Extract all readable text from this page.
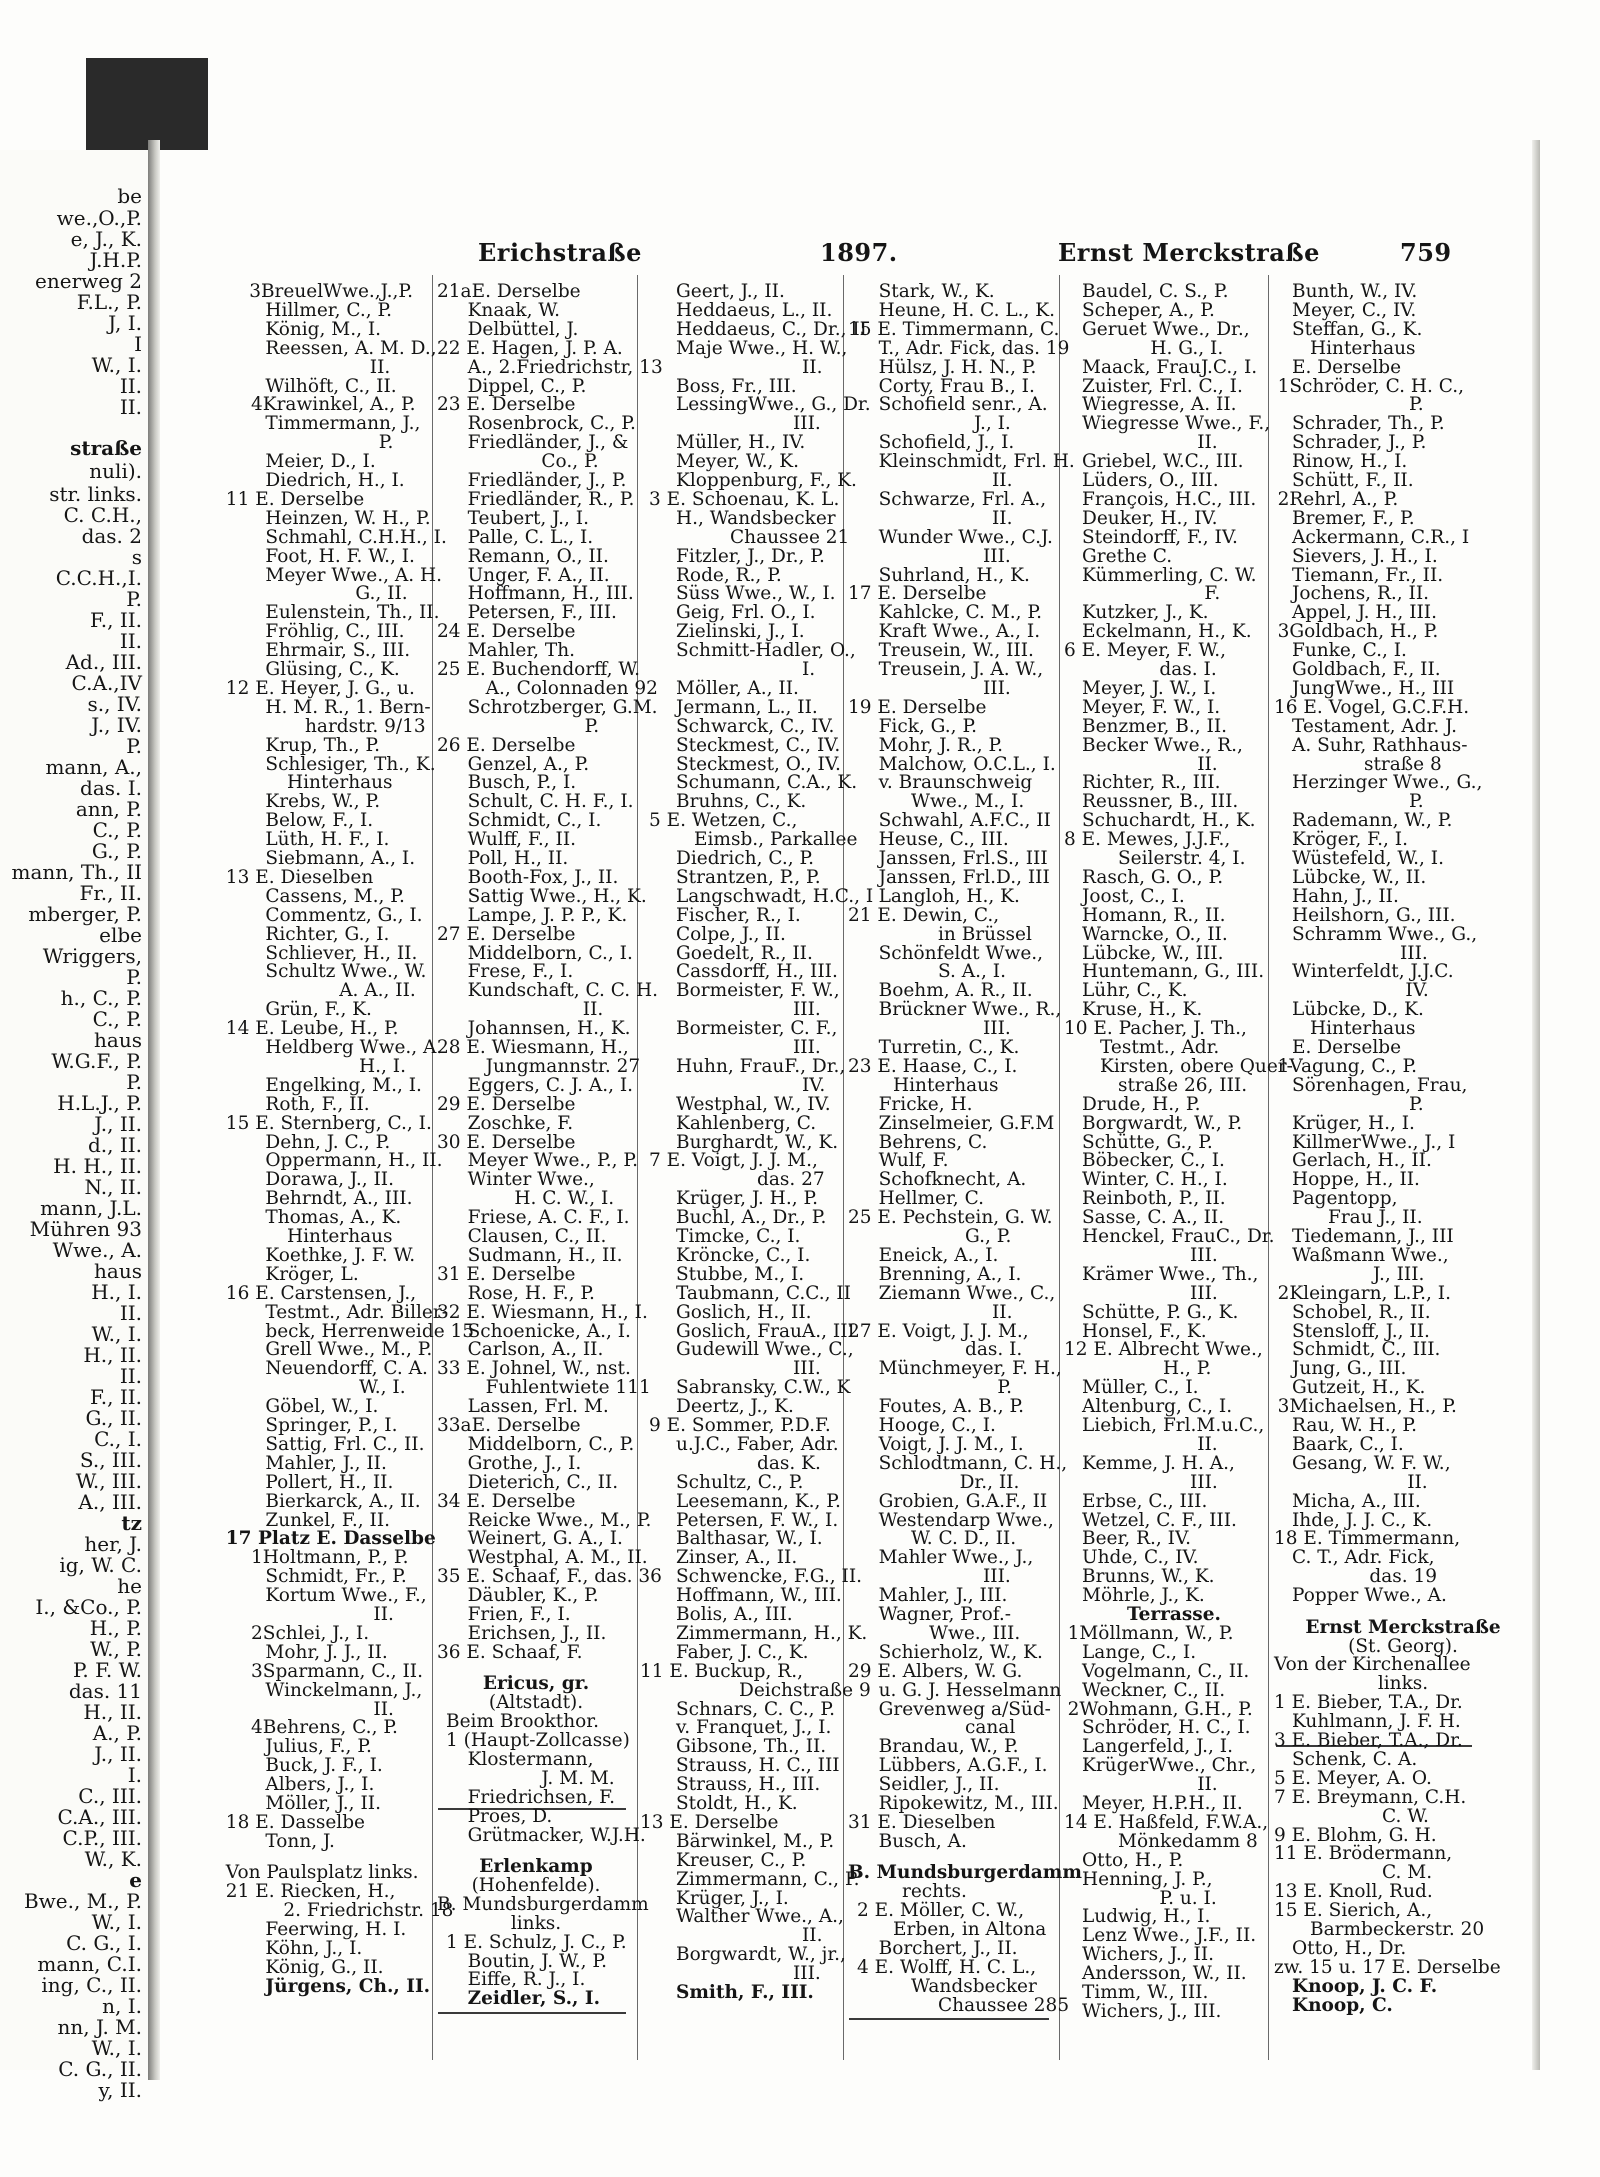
be
we.,O.,P.
e, J., K.
J.H.P.
enerweg 2
F.L., P.
J, I.
I
W., I.
II.
II.
straße
nuli).
str. links.
C. C.H.,
das. 2
s
C.C.H.,I.
P.
F., II.
II.
Ad., III.
C.A.,IV
s., IV.
J., IV.
P.
mann, A.,
das. I.
ann, P.
C., P.
G., P.
mann, Th., II
Fr., II.
mberger, P.
elbe
Wriggers,
P.
h., C., P.
C., P.
haus
W.G.F., P.
P.
H.L.J., P.
J., II.
d., II.
H. H., II.
N., II.
mann, J.L.
Mühren 93
Wwe., A.
haus
H., I.
II.
W., I.
H., II.
II.
F., II.
G., II.
C., I.
S., III.
W., III.
A., III.
tz
her, J.
ig, W. C.
he
I., &Co., P.
H., P.
W., P.
P. F. W.
das. 11
H., II.
A., P.
J., II.
I.
C., III.
C.A., III.
C.P., III.
W., K.
e
Bwe., M., P.
W., I.
C. G., I.
mann, C.I.
ing, C., II.
n, I.
nn, J. M.
W., I.
C. G., II.
y, II.
Erichstraße	1897.	Ernst Merckstraße	759
3BreuelWwe.,J.,P.
Hillmer, C., P.
König, M., I.
Reessen, A. M. D.,
II.
Wilhöft, C., II.
4Krawinkel, A., P.
Timmermann, J.,
P.
Meier, D., I.
Diedrich, H., I.
11 E. Derselbe
Heinzen, W. H., P.
Schmahl, C.H.H., I.
Foot, H. F. W., I.
Meyer Wwe., A. H.
G., II.
Eulenstein, Th., II.
Fröhlig, C., III.
Ehrmair, S., III.
Glüsing, C., K.
12 E. Heyer, J. G., u.
H. M. R., 1. Bern-
hardstr. 9/13
Krup, Th., P.
Schlesiger, Th., K.
Hinterhaus
Krebs, W., P.
Below, F., I.
Lüth, H. F., I.
Siebmann, A., I.
13 E. Dieselben
Cassens, M., P.
Commentz, G., I.
Richter, G., I.
Schliever, H., II.
Schultz Wwe., W.
A. A., II.
Grün, F., K.
14 E. Leube, H., P.
Heldberg Wwe., A.
H., I.
Engelking, M., I.
Roth, F., II.
15 E. Sternberg, C., I.
Dehn, J. C., P.
Oppermann, H., II.
Dorawa, J., II.
Behrndt, A., III.
Thomas, A., K.
Hinterhaus
Koethke, J. F. W.
Kröger, L.
16 E. Carstensen, J.,
Testmt., Adr. Biller-
beck, Herrenweide 15
Grell Wwe., M., P.
Neuendorff, C. A.
W., I.
Göbel, W., I.
Springer, P., I.
Sattig, Frl. C., II.
Mahler, J., II.
Pollert, H., II.
Bierkarck, A., II.
Zunkel, F., II.
17 Platz E. Dasselbe
1Holtmann, P., P.
Schmidt, Fr., P.
Kortum Wwe., F.,
II.
2Schlei, J., I.
Mohr, J. J., II.
3Sparmann, C., II.
Winckelmann, J.,
II.
4Behrens, C., P.
Julius, F., P.
Buck, J. F., I.
Albers, J., I.
Möller, J., II.
18 E. Dasselbe
Tonn, J.
Von Paulsplatz links.
21 E. Riecken, H.,
2. Friedrichstr. 18
Feerwing, H. I.
Köhn, J., I.
König, G., II.
Jürgens, Ch., II.
21aE. Derselbe
Knaak, W.
Delbüttel, J.
22 E. Hagen, J. P. A.
A., 2.Friedrichstr, 13
Dippel, C., P.
23 E. Derselbe
Rosenbrock, C., P.
Friedländer, J., &
Co., P.
Friedländer, J., P.
Friedländer, R., P.
Teubert, J., I.
Palle, C. L., I.
Remann, O., II.
Unger, F. A., II.
Hoffmann, H., III.
Petersen, F., III.
24 E. Derselbe
Mahler, Th.
25 E. Buchendorff, W.
A., Colonnaden 92
Schrotzberger, G.M.
P.
26 E. Derselbe
Genzel, A., P.
Busch, P., I.
Schult, C. H. F., I.
Schmidt, C., I.
Wulff, F., II.
Poll, H., II.
Booth-Fox, J., II.
Sattig Wwe., H., K.
Lampe, J. P. P., K.
27 E. Derselbe
Middelborn, C., I.
Frese, F., I.
Kundschaft, C. C. H.
II.
Johannsen, H., K.
28 E. Wiesmann, H.,
Jungmannstr. 27
Eggers, C. J. A., I.
29 E. Derselbe
Zoschke, F.
30 E. Derselbe
Meyer Wwe., P., P.
Winter Wwe.,
H. C. W., I.
Friese, A. C. F., I.
Clausen, C., II.
Sudmann, H., II.
31 E. Derselbe
Rose, H. F., P.
32 E. Wiesmann, H., I.
Schoenicke, A., I.
Carlson, A., II.
33 E. Johnel, W., nst.
Fuhlentwiete 111
Lassen, Frl. M.
33aE. Derselbe
Middelborn, C., P.
Grothe, J., I.
Dieterich, C., II.
34 E. Derselbe
Reicke Wwe., M., P.
Weinert, G. A., I.
Westphal, A. M., II.
35 E. Schaaf, F., das. 36
Däubler, K., P.
Frien, F., I.
Erichsen, J., II.
36 E. Schaaf, F.
Ericus, gr.
(Altstadt).
Beim Brookthor.
1 (Haupt-Zollcasse)
Klostermann,
J. M. M.
Friedrichsen, F.
Proes, D.
Grütmacker, W.J.H.
Erlenkamp
(Hohenfelde).
B. Mundsburgerdamm
links.
1 E. Schulz, J. C., P.
Boutin, J. W., P.
Eiffe, R. J., I.
Zeidler, S., I.
Geert, J., II.
Heddaeus, L., II.
Heddaeus, C., Dr., II
Maje Wwe., H. W.,
II.
Boss, Fr., III.
LessingWwe., G., Dr.
III.
Müller, H., IV.
Meyer, W., K.
Kloppenburg, F., K.
3 E. Schoenau, K. L.
H., Wandsbecker
Chaussee 21
Fitzler, J., Dr., P.
Rode, R., P.
Süss Wwe., W., I.
Geig, Frl. O., I.
Zielinski, J., I.
Schmitt-Hadler, O.,
I.
Möller, A., II.
Jermann, L., II.
Schwarck, C., IV.
Steckmest, C., IV.
Steckmest, O., IV.
Schumann, C.A., K.
Bruhns, C., K.
5 E. Wetzen, C.,
Eimsb., Parkallee
Diedrich, C., P.
Strantzen, P., P.
Langschwadt, H.C., I
Fischer, R., I.
Colpe, J., II.
Goedelt, R., II.
Cassdorff, H., III.
Bormeister, F. W.,
III.
Bormeister, C. F.,
III.
Huhn, FrauF., Dr.,
IV.
Westphal, W., IV.
Kahlenberg, C.
Burghardt, W., K.
7 E. Voigt, J. J. M.,
das. 27
Krüger, J. H., P.
Buchl, A., Dr., P.
Timcke, C., I.
Kröncke, C., I.
Stubbe, M., I.
Taubmann, C.C., II
Goslich, H., II.
Goslich, FrauA., III
Gudewill Wwe., C.,
III.
Sabransky, C.W., K
Deertz, J., K.
9 E. Sommer, P.D.F.
u.J.C., Faber, Adr.
das. K.
Schultz, C., P.
Leesemann, K., P.
Petersen, F. W., I.
Balthasar, W., I.
Zinser, A., II.
Schwencke, F.G., II.
Hoffmann, W., III.
Bolis, A., III.
Zimmermann, H., K.
Faber, J. C., K.
11 E. Buckup, R.,
Deichstraße 9
Schnars, C. C., P.
v. Franquet, J., I.
Gibsone, Th., II.
Strauss, H. C., III
Strauss, H., III.
Stoldt, H., K.
13 E. Derselbe
Bärwinkel, M., P.
Kreuser, C., P.
Zimmermann, C., P.
Krüger, J., I.
Walther Wwe., A.,
II.
Borgwardt, W., jr.,
III.
Smith, F., III.
Stark, W., K.
Heune, H. C. L., K.
15 E. Timmermann, C.
T., Adr. Fick, das. 19
Hülsz, J. H. N., P.
Corty, Frau B., I.
Schofield senr., A.
J., I.
Schofield, J., I.
Kleinschmidt, Frl. H.
II.
Schwarze, Frl. A.,
II.
Wunder Wwe., C.J.
III.
Suhrland, H., K.
17 E. Derselbe
Kahlcke, C. M., P.
Kraft Wwe., A., I.
Treusein, W., III.
Treusein, J. A. W.,
III.
19 E. Derselbe
Fick, G., P.
Mohr, J. R., P.
Malchow, O.C.L., I.
v. Braunschweig
Wwe., M., I.
Schwahl, A.F.C., II
Heuse, C., III.
Janssen, Frl.S., III
Janssen, Frl.D., III
Langloh, H., K.
21 E. Dewin, C.,
in Brüssel
Schönfeldt Wwe.,
S. A., I.
Boehm, A. R., II.
Brückner Wwe., R.,
III.
Turretin, C., K.
23 E. Haase, C., I.
Hinterhaus
Fricke, H.
Zinselmeier, G.F.M
Behrens, C.
Wulf, F.
Schofknecht, A.
Hellmer, C.
25 E. Pechstein, G. W.
G., P.
Eneick, A., I.
Brenning, A., I.
Ziemann Wwe., C.,
II.
27 E. Voigt, J. J. M.,
das. I.
Münchmeyer, F. H.,
P.
Foutes, A. B., P.
Hooge, C., I.
Voigt, J. J. M., I.
Schlodtmann, C. H.,
Dr., II.
Grobien, G.A.F., II
Westendarp Wwe.,
W. C. D., II.
Mahler Wwe., J.,
III.
Mahler, J., III.
Wagner, Prof.-
Wwe., III.
Schierholz, W., K.
29 E. Albers, W. G.
u. G. J. Hesselmann
Grevenweg a/Süd-
canal
Brandau, W., P.
Lübbers, A.G.F., I.
Seidler, J., II.
Ripokewitz, M., III.
31 E. Dieselben
Busch, A.
B. Mundsburgerdamm
rechts.
2 E. Möller, C. W.,
Erben, in Altona
Borchert, J., II.
4 E. Wolff, H. C. L.,
Wandsbecker
Chaussee 285
Baudel, C. S., P.
Scheper, A., P.
Geruet Wwe., Dr.,
H. G., I.
Maack, FrauJ.C., I.
Zuister, Frl. C., I.
Wiegresse, A. II.
Wiegresse Wwe., F.,
II.
Griebel, W.C., III.
Lüders, O., III.
François, H.C., III.
Deuker, H., IV.
Steindorff, F., IV.
Grethe C.
Kümmerling, C. W.
F.
Kutzker, J., K.
Eckelmann, H., K.
6 E. Meyer, F. W.,
das. I.
Meyer, J. W., I.
Meyer, F. W., I.
Benzmer, B., II.
Becker Wwe., R.,
II.
Richter, R., III.
Reussner, B., III.
Schuchardt, H., K.
8 E. Mewes, J.J.F.,
Seilerstr. 4, I.
Rasch, G. O., P.
Joost, C., I.
Homann, R., II.
Warncke, O., II.
Lübcke, W., III.
Huntemann, G., III.
Lühr, C., K.
Kruse, H., K.
10 E. Pacher, J. Th.,
Testmt., Adr.
Kirsten, obere Quer-
straße 26, III.
Drude, H., P.
Borgwardt, W., P.
Schütte, G., P.
Böbecker, C., I.
Winter, C. H., I.
Reinboth, P., II.
Sasse, C. A., II.
Henckel, FrauC., Dr.
III.
Krämer Wwe., Th.,
III.
Schütte, P. G., K.
Honsel, F., K.
12 E. Albrecht Wwe.,
H., P.
Müller, C., I.
Altenburg, C., I.
Liebich, Frl.M.u.C.,
II.
Kemme, J. H. A.,
III.
Erbse, C., III.
Wetzel, C. F., III.
Beer, R., IV.
Uhde, C., IV.
Brunns, W., K.
Möhrle, J., K.
Terrasse.
1Möllmann, W., P.
Lange, C., I.
Vogelmann, C., II.
Weckner, C., II.
2Wohmann, G.H., P.
Schröder, H. C., I.
Langerfeld, J., I.
KrügerWwe., Chr.,
II.
Meyer, H.P.H., II.
14 E. Haßfeld, F.W.A.,
Mönkedamm 8
Otto, H., P.
Henning, J. P.,
P. u. I.
Ludwig, H., I.
Lenz Wwe., J.F., II.
Wichers, J., II.
Andersson, W., II.
Timm, W., III.
Wichers, J., III.
Bunth, W., IV.
Meyer, C., IV.
Steffan, G., K.
Hinterhaus
E. Derselbe
1Schröder, C. H. C.,
P.
Schrader, Th., P.
Schrader, J., P.
Rinow, H., I.
Schütt, F., II.
2Rehrl, A., P.
Bremer, F., P.
Ackermann, C.R., I
Sievers, J. H., I.
Tiemann, Fr., II.
Jochens, R., II.
Appel, J. H., III.
3Goldbach, H., P.
Funke, C., I.
Goldbach, F., II.
JungWwe., H., III
16 E. Vogel, G.C.F.H.
Testament, Adr. J.
A. Suhr, Rathhaus-
straße 8
Herzinger Wwe., G.,
P.
Rademann, W., P.
Kröger, F., I.
Wüstefeld, W., I.
Lübcke, W., II.
Hahn, J., II.
Heilshorn, G., III.
Schramm Wwe., G.,
III.
Winterfeldt, J.J.C.
IV.
Lübcke, D., K.
Hinterhaus
E. Derselbe
1Vagung, C., P.
Sörenhagen, Frau,
P.
Krüger, H., I.
KillmerWwe., J., I
Gerlach, H., II.
Hoppe, H., II.
Pagentopp,
Frau J., II.
Tiedemann, J., III
Waßmann Wwe.,
J., III.
2Kleingarn, L.P., I.
Schobel, R., II.
Stensloff, J., II.
Schmidt, C., III.
Jung, G., III.
Gutzeit, H., K.
3Michaelsen, H., P.
Rau, W. H., P.
Baark, C., I.
Gesang, W. F. W.,
II.
Micha, A., III.
Ihde, J. J. C., K.
18 E. Timmermann,
C. T., Adr. Fick,
das. 19
Popper Wwe., A.
Ernst Merckstraße
(St. Georg).
Von der Kirchenallee
links.
1 E. Bieber, T.A., Dr.
Kuhlmann, J. F. H.
3 E. Bieber, T.A., Dr.
Schenk, C. A.
5 E. Meyer, A. O.
7 E. Breymann, C.H.
C. W.
9 E. Blohm, G. H.
11 E. Brödermann,
C. M.
13 E. Knoll, Rud.
15 E. Sierich, A.,
Barmbeckerstr. 20
Otto, H., Dr.
zw. 15 u. 17 E. Derselbe
Knoop, J. C. F.
Knoop, C.
